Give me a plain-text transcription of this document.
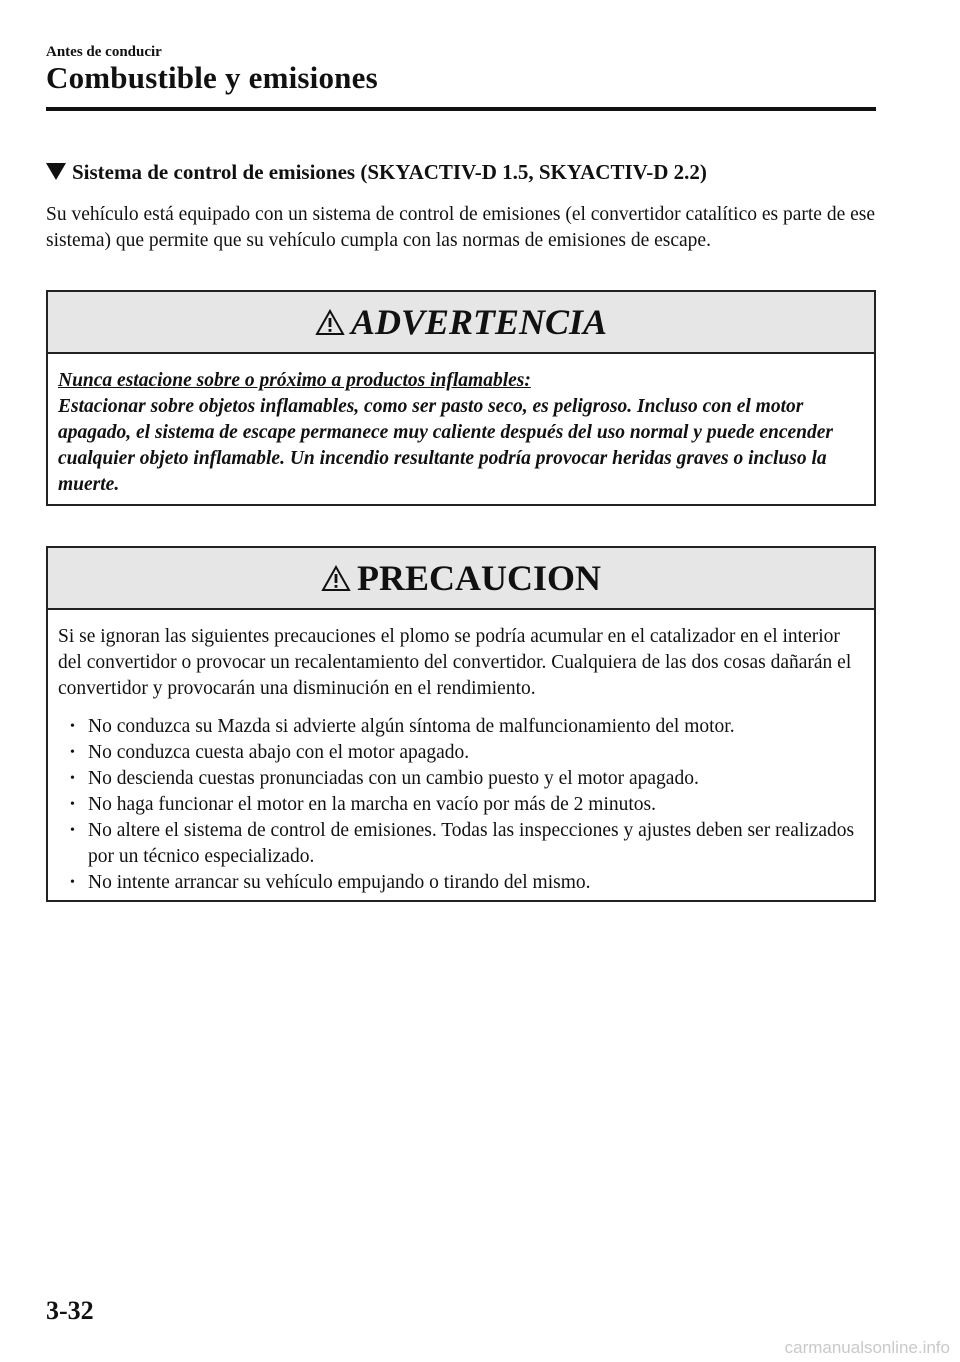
Antes de conducir
Combustible y emisiones
Sistema de control de emisiones (SKYACTIV-D 1.5, SKYACTIV-D 2.2)
Su vehículo está equipado con un sistema de control de emisiones (el convertidor catalítico es parte de ese sistema) que permite que su vehículo cumpla con las normas de emisiones de escape.
ADVERTENCIA
Nunca estacione sobre o próximo a productos inflamables:
Estacionar sobre objetos inflamables, como ser pasto seco, es peligroso. Incluso con el motor apagado, el sistema de escape permanece muy caliente después del uso normal y puede encender cualquier objeto inflamable. Un incendio resultante podría provocar heridas graves o incluso la muerte.
PRECAUCION
Si se ignoran las siguientes precauciones el plomo se podría acumular en el catalizador en el interior del convertidor o provocar un recalentamiento del convertidor. Cualquiera de las dos cosas dañarán el convertidor y provocarán una disminución en el rendimiento.
• No conduzca su Mazda si advierte algún síntoma de malfuncionamiento del motor.
• No conduzca cuesta abajo con el motor apagado.
• No descienda cuestas pronunciadas con un cambio puesto y el motor apagado.
• No haga funcionar el motor en la marcha en vacío por más de 2 minutos.
• No altere el sistema de control de emisiones. Todas las inspecciones y ajustes deben ser realizados por un técnico especializado.
• No intente arrancar su vehículo empujando o tirando del mismo.
3-32
carmanualsonline.info
